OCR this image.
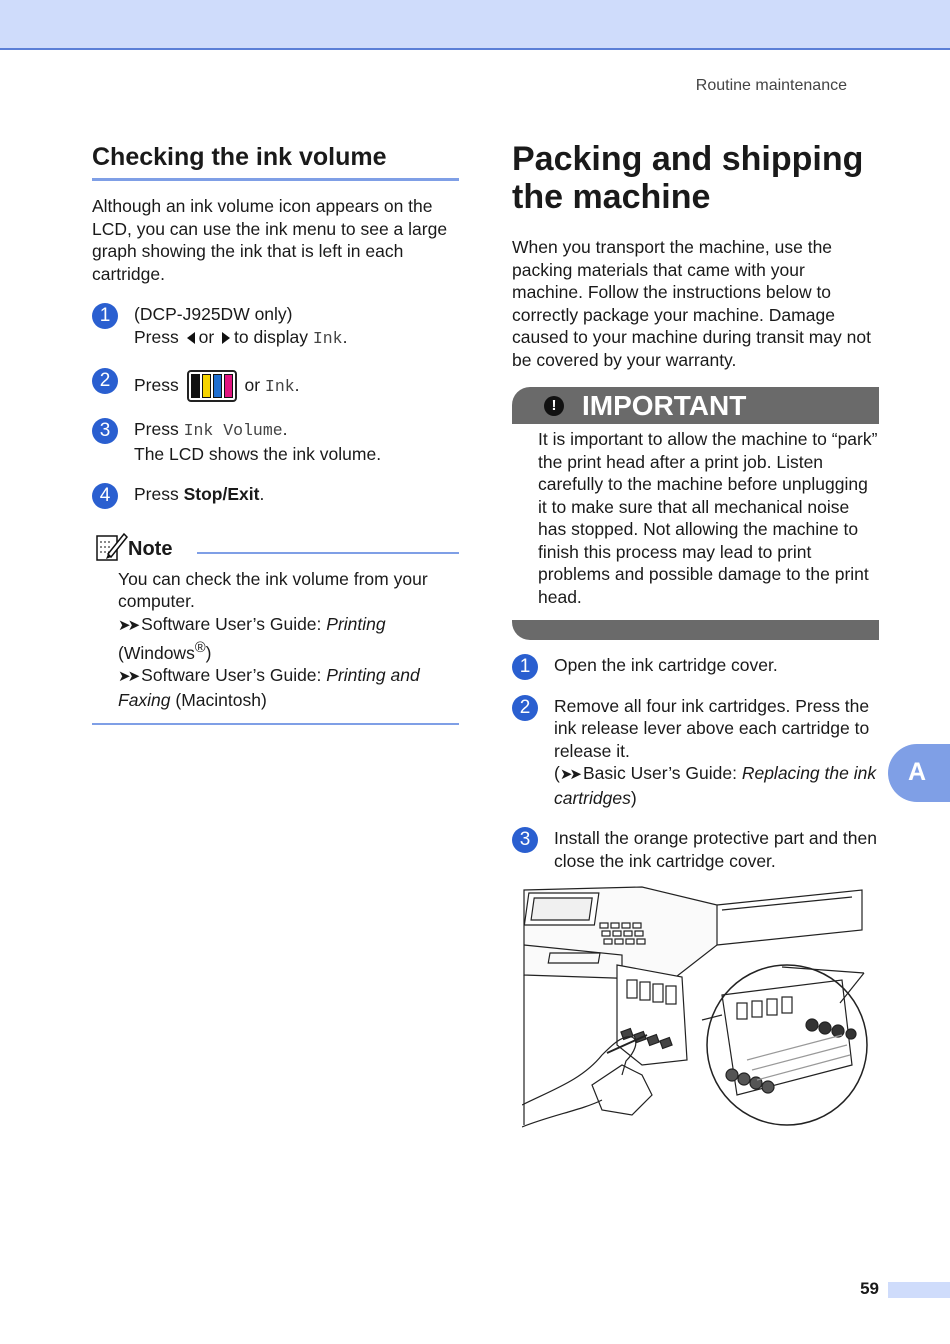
Routine maintenance
Checking the ink volume

Although an ink volume icon appears on the LCD, you can use the ink menu to see a large graph showing the ink that is left in each cartridge.

1	(DCP-J925DW only)
Press or to display Ink.
2	Press	or Ink.
3	Press Ink Volume.
The LCD shows the ink volume.
4	Press Stop/Exit.
Note
You can check the ink volume from your computer.
➤➤ Software User’s Guide: Printing
(Windows®)
➤➤ Software User’s Guide: Printing and Faxing (Macintosh)
Packing and shipping the machine

When you transport the machine, use the packing materials that came with your machine. Follow the instructions below to correctly package your machine. Damage caused to your machine during transit may not be covered by your warranty.

! IMPORTANT
It is important to allow the machine to “park” the print head after a print job. Listen carefully to the machine before unplugging it to make sure that all mechanical noise has stopped. Not allowing the machine to finish this process may lead to print problems and possible damage to the print head.
1	Open the ink cartridge cover.
2	Remove all four ink cartridges. Press the ink release lever above each cartridge to release it.
(➤➤ Basic User’s Guide: Replacing the ink cartridges)
3	Install the orange protective part and then close the ink cartridge cover.
A
59
